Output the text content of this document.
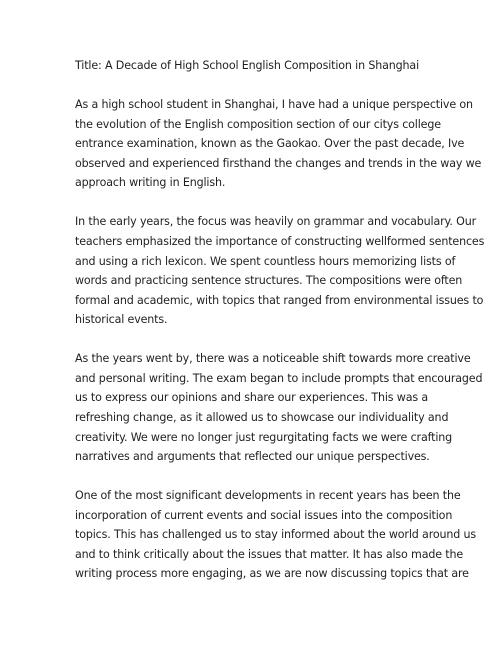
Title: A Decade of High School English Composition in Shanghai
As a high school student in Shanghai, I have had a unique perspective on
the evolution of the English composition section of our citys college
entrance examination, known as the Gaokao. Over the past decade, Ive
observed and experienced firsthand the changes and trends in the way we
approach writing in English.
In the early years, the focus was heavily on grammar and vocabulary. Our
teachers emphasized the importance of constructing wellformed sentences
and using a rich lexicon. We spent countless hours memorizing lists of
words and practicing sentence structures. The compositions were often
formal and academic, with topics that ranged from environmental issues to
historical events.
As the years went by, there was a noticeable shift towards more creative
and personal writing. The exam began to include prompts that encouraged
us to express our opinions and share our experiences. This was a
refreshing change, as it allowed us to showcase our individuality and
creativity. We were no longer just regurgitating facts we were crafting
narratives and arguments that reflected our unique perspectives.
One of the most significant developments in recent years has been the
incorporation of current events and social issues into the composition
topics. This has challenged us to stay informed about the world around us
and to think critically about the issues that matter. It has also made the
writing process more engaging, as we are now discussing topics that are
